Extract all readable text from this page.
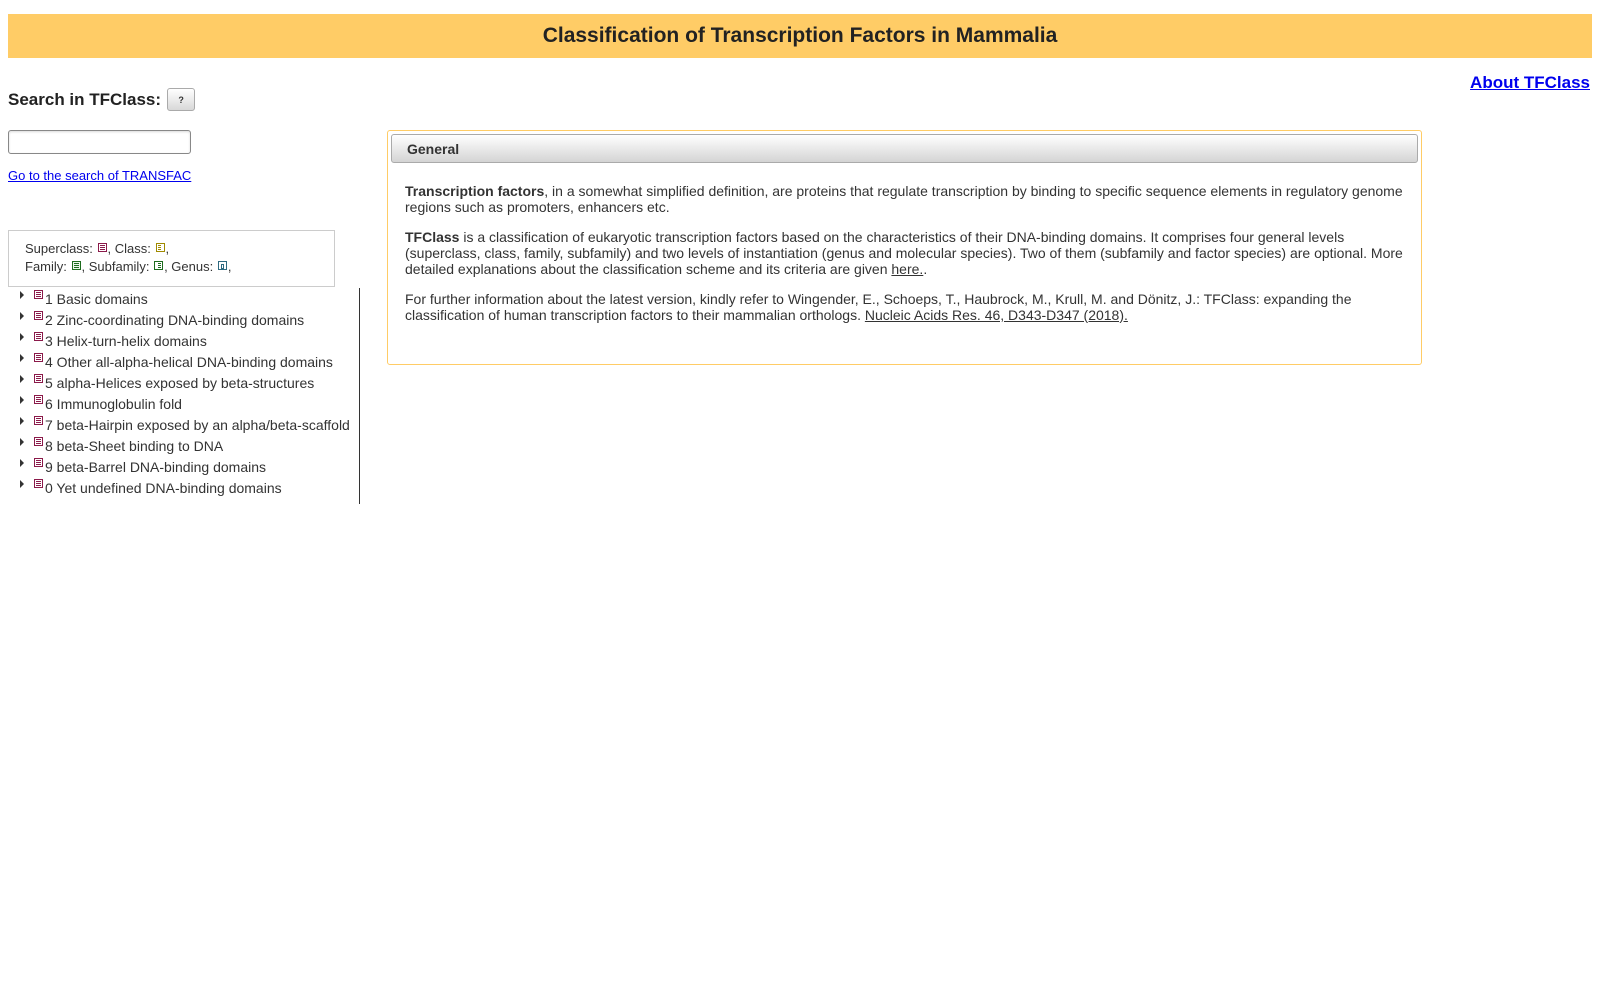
Classification of Transcription Factors in Mammalia
About TFClass
Search in TFClass:	?
Go to the search of TRANSFAC
Superclass: , Class: ,
Family: , Subfamily: , Genus: ,
1 Basic domains
2 Zinc-coordinating DNA-binding domains
3 Helix-turn-helix domains
4 Other all-alpha-helical DNA-binding domains
5 alpha-Helices exposed by beta-structures
6 Immunoglobulin fold
7 beta-Hairpin exposed by an alpha/beta-scaffold
8 beta-Sheet binding to DNA
9 beta-Barrel DNA-binding domains
0 Yet undefined DNA-binding domains
General

Transcription factors, in a somewhat simplified definition, are proteins that regulate transcription by binding to specific sequence elements in regulatory genome regions such as promoters, enhancers etc.

TFClass is a classification of eukaryotic transcription factors based on the characteristics of their DNA-binding domains. It comprises four general levels (superclass, class, family, subfamily) and two levels of instantiation (genus and molecular species). Two of them (subfamily and factor species) are optional. More detailed explanations about the classification scheme and its criteria are given here..

For further information about the latest version, kindly refer to Wingender, E., Schoeps, T., Haubrock, M., Krull, M. and Dönitz, J.: TFClass: expanding the classification of human transcription factors to their mammalian orthologs. Nucleic Acids Res. 46, D343-D347 (2018).
